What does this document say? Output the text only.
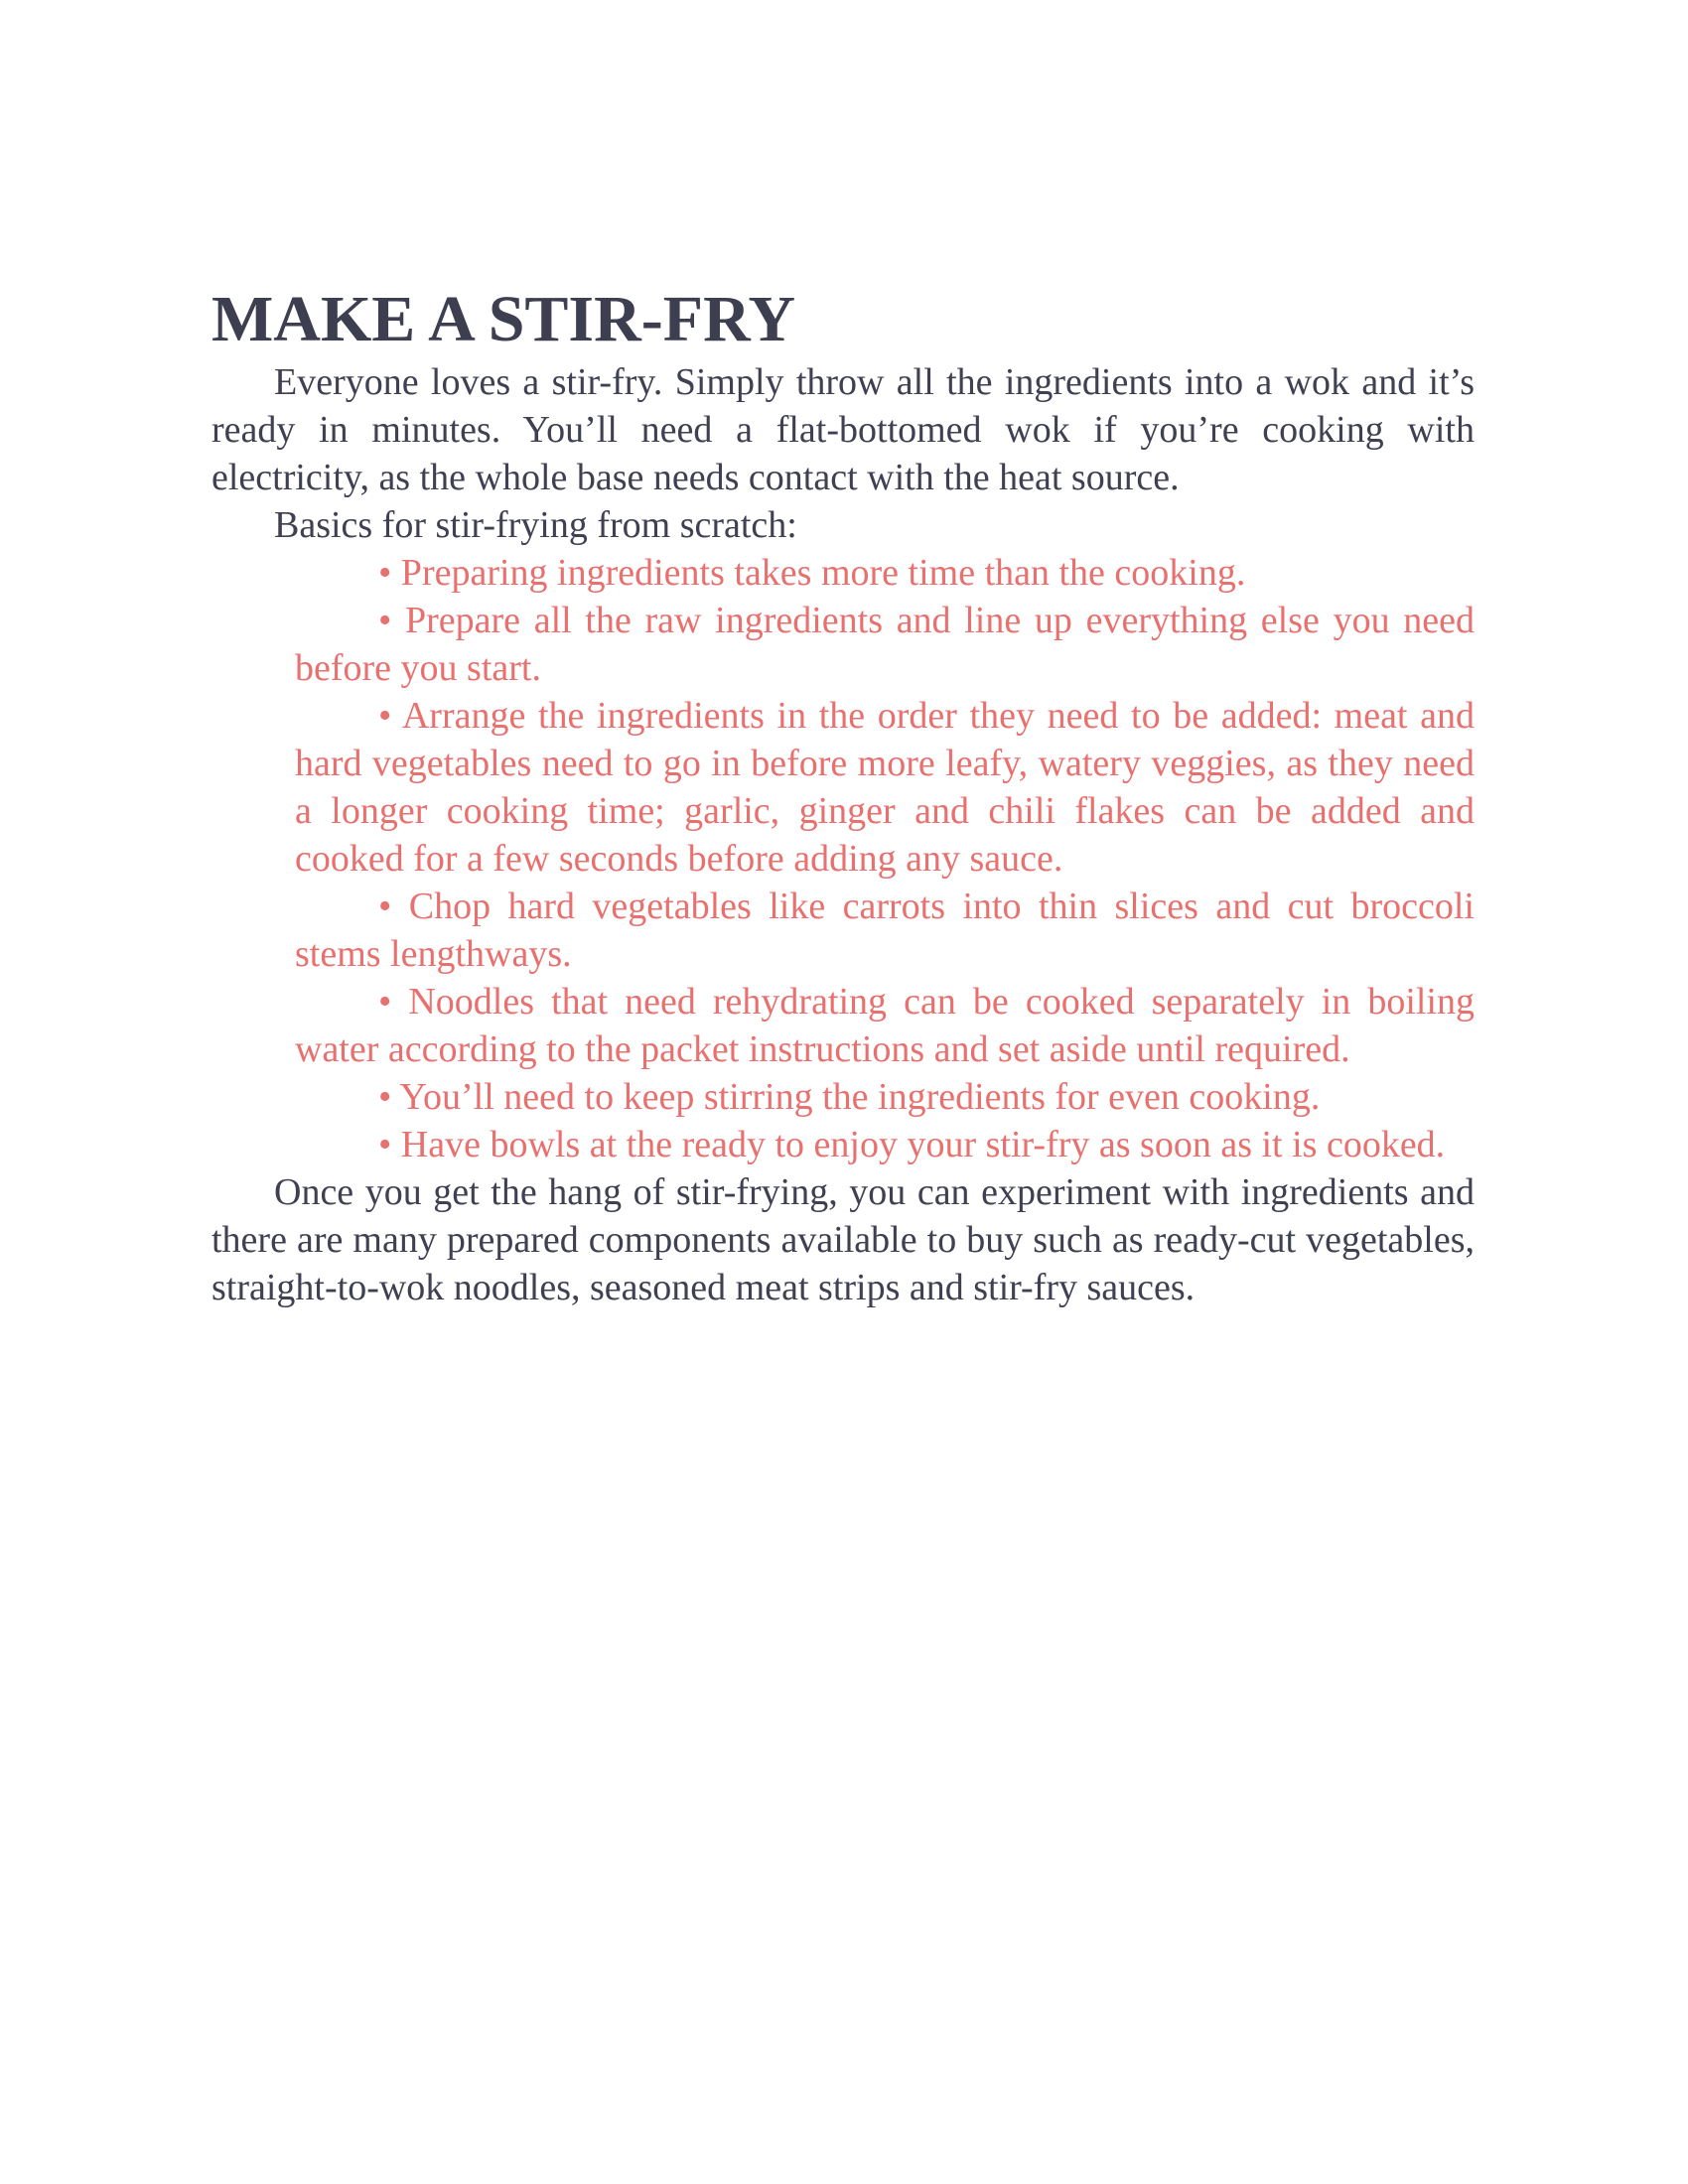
MAKE A STIR-FRY

Everyone loves a stir-fry. Simply throw all the ingredients into a wok and it’s ready in minutes. You’ll need a flat-bottomed wok if you’re cooking with electricity, as the whole base needs contact with the heat source.

Basics for stir-frying from scratch:

• Preparing ingredients takes more time than the cooking.
• Prepare all the raw ingredients and line up everything else you need before you start.
• Arrange the ingredients in the order they need to be added: meat and hard vegetables need to go in before more leafy, watery veggies, as they need a longer cooking time; garlic, ginger and chili flakes can be added and cooked for a few seconds before adding any sauce.
• Chop hard vegetables like carrots into thin slices and cut broccoli stems lengthways.
• Noodles that need rehydrating can be cooked separately in boiling water according to the packet instructions and set aside until required.
• You’ll need to keep stirring the ingredients for even cooking.
• Have bowls at the ready to enjoy your stir-fry as soon as it is cooked.

Once you get the hang of stir-frying, you can experiment with ingredients and there are many prepared components available to buy such as ready-cut vegetables, straight-to-wok noodles, seasoned meat strips and stir-fry sauces.
